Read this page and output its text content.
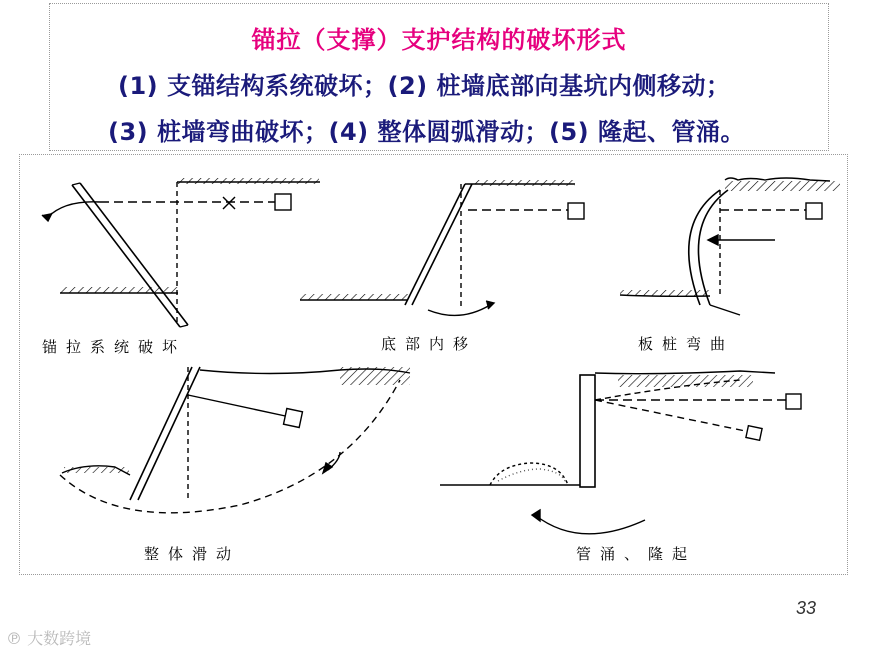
锚拉（支撑）支护结构的破坏形式
(1) 支锚结构系统破坏；(2) 桩墙底部向基坑内侧移动；
(3) 桩墙弯曲破坏；(4) 整体圆弧滑动；(5) 隆起、管涌。
锚拉系统破坏	底部内移	板桩弯曲
整体滑动	管涌、隆起
33
℗ 大数跨境
